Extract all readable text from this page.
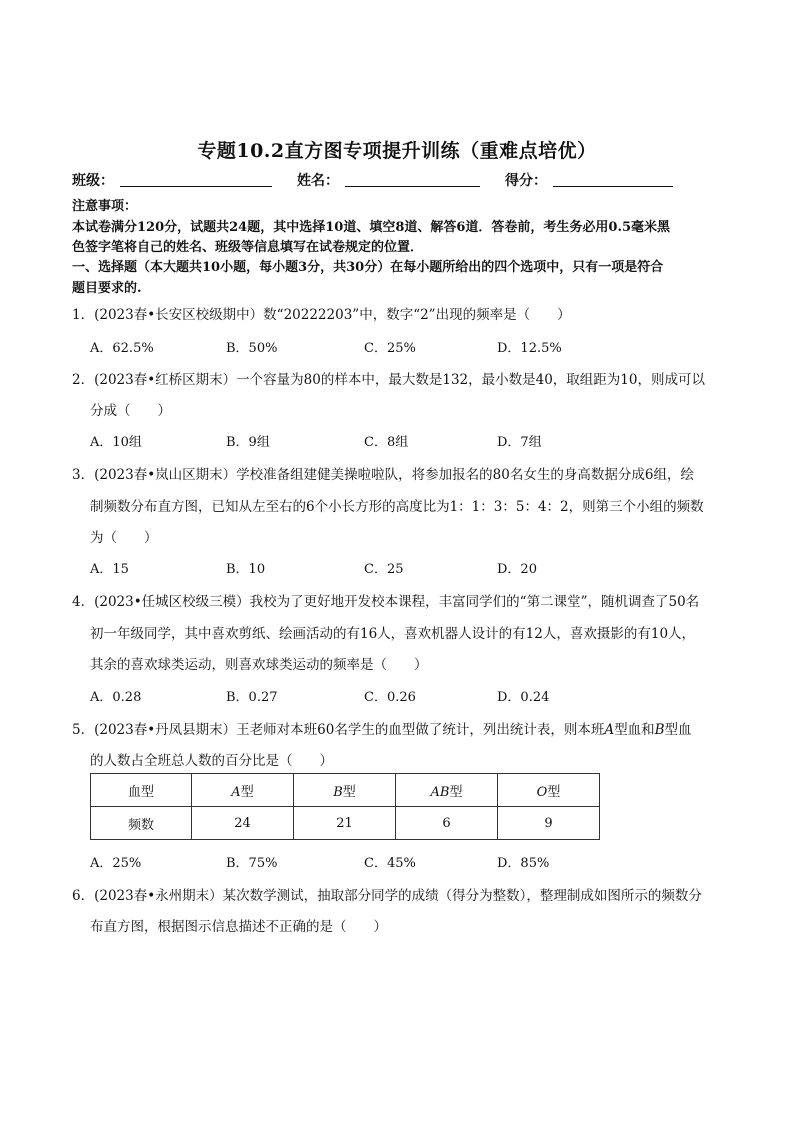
专题10.2直方图专项提升训练（重难点培优）
班级：	姓名：	得分：
注意事项：
本试卷满分120分，试题共24题，其中选择10道、填空8道、解答6道．答卷前，考生务必用0.5毫米黑
色签字笔将自己的姓名、班级等信息填写在试卷规定的位置．
一、选择题（本大题共10小题，每小题3分，共30分）在每小题所给出的四个选项中，只有一项是符合
题目要求的.
1．(2023春•长安区校级期中）数“20222203”中，数字“2”出现的频率是（　　）
A．62.5%	B．50%	C．25%	D．12.5%
2．(2023春•红桥区期末）一个容量为80的样本中，最大数是132，最小数是40，取组距为10，则成可以
分成（　　）
A．10组	B．9组	C．8组	D．7组
3．(2023春•岚山区期末）学校准备组建健美操啦啦队，将参加报名的80名女生的身高数据分成6组，绘
制频数分布直方图，已知从左至右的6个小长方形的高度比为1：1：3：5：4：2，则第三个小组的频数
为（　　）
A．15	B．10	C．25	D．20
4．(2023•任城区校级三模）我校为了更好地开发校本课程，丰富同学们的“第二课堂”，随机调查了50名
初一年级同学，其中喜欢剪纸、绘画活动的有16人，喜欢机器人设计的有12人，喜欢摄影的有10人，
其余的喜欢球类运动，则喜欢球类运动的频率是（　　）
A．0.28	B．0.27	C．0.26	D．0.24
5．(2023春•丹凤县期末）王老师对本班60名学生的血型做了统计，列出统计表，则本班A型血和B型血
的人数占全班总人数的百分比是（　　）
血型	A型	B型	AB型	O型
频数	24	21	6	9
A．25%	B．75%	C．45%	D．85%
6．(2023春•永州期末）某次数学测试，抽取部分同学的成绩（得分为整数），整理制成如图所示的频数分
布直方图，根据图示信息描述不正确的是（　　）
